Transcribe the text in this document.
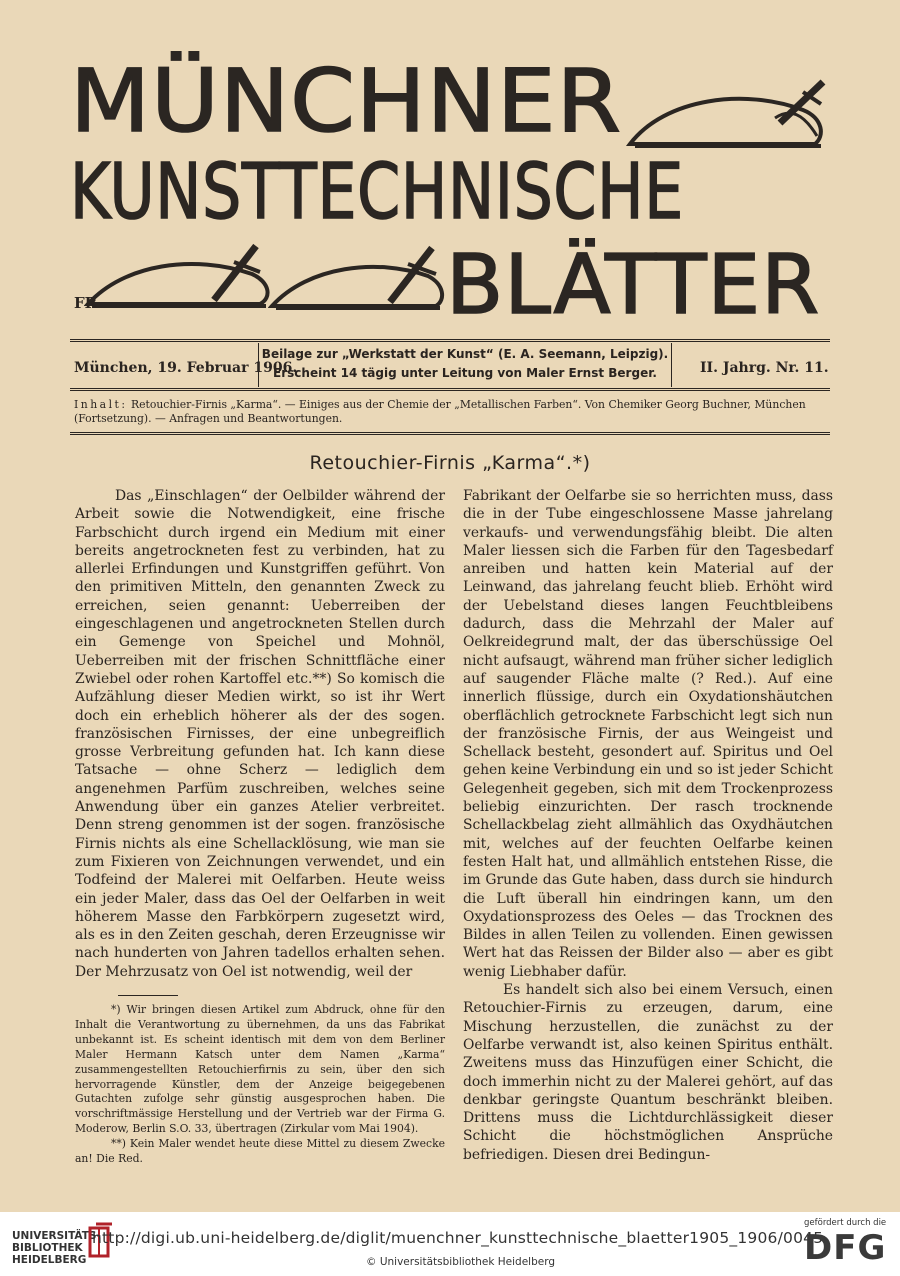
MÜNCHNER
KUNSTTECHNISCHE
BLÄTTER
FR
München, 19. Februar 1906.
Beilage zur „Werkstatt der Kunst“ (E. A. Seemann, Leipzig).
Erscheint 14 tägig unter Leitung von Maler Ernst Berger.	II. Jahrg. Nr. 11.
Inhalt: Retouchier-Firnis „Karma“. — Einiges aus der Chemie der „Metallischen Farben“. Von Chemiker Georg Buchner, München (Fortsetzung). — Anfragen und Beantwortungen.
Retouchier-Firnis „Karma“.*)

Das „Einschlagen“ der Oelbilder während der Arbeit sowie die Notwendigkeit, eine frische Farbschicht durch irgend ein Medium mit einer bereits angetrockneten fest zu verbinden, hat zu allerlei Erfindungen und Kunstgriffen geführt. Von den primitiven Mitteln, den genannten Zweck zu erreichen, seien genannt: Ueberreiben der eingeschlagenen und angetrockneten Stellen durch ein Gemenge von Speichel und Mohnöl, Ueberreiben mit der frischen Schnittfläche einer Zwiebel oder rohen Kartoffel etc.**) So komisch die Aufzählung dieser Medien wirkt, so ist ihr Wert doch ein erheblich höherer als der des sogen. französischen Firnisses, der eine unbegreiflich grosse Verbreitung gefunden hat. Ich kann diese Tatsache — ohne Scherz — lediglich dem angenehmen Parfüm zuschreiben, welches seine Anwendung über ein ganzes Atelier verbreitet. Denn streng genommen ist der sogen. französische Firnis nichts als eine Schellacklösung, wie man sie zum Fixieren von Zeichnungen verwendet, und ein Todfeind der Malerei mit Oelfarben. Heute weiss ein jeder Maler, dass das Oel der Oelfarben in weit höherem Masse den Farbkörpern zugesetzt wird, als es in den Zeiten geschah, deren Erzeugnisse wir nach hunderten von Jahren tadellos erhalten sehen. Der Mehrzusatz von Oel ist notwendig, weil der

*) Wir bringen diesen Artikel zum Abdruck, ohne für den Inhalt die Verantwortung zu übernehmen, da uns das Fabrikat unbekannt ist. Es scheint identisch mit dem von dem Berliner Maler Hermann Katsch unter dem Namen „Karma“ zusammengestellten Retouchierfirnis zu sein, über den sich hervorragende Künstler, dem der Anzeige beigegebenen Gutachten zufolge sehr günstig ausgesprochen haben. Die vorschriftmässige Herstellung und der Vertrieb war der Firma G. Moderow, Berlin S.O. 33, übertragen (Zirkular vom Mai 1904).

**) Kein Maler wendet heute diese Mittel zu diesem Zwecke an! Die Red.

Fabrikant der Oelfarbe sie so herrichten muss, dass die in der Tube eingeschlossene Masse jahrelang verkaufs- und verwendungsfähig bleibt. Die alten Maler liessen sich die Farben für den Tagesbedarf anreiben und hatten kein Material auf der Leinwand, das jahrelang feucht blieb. Erhöht wird der Uebelstand dieses langen Feuchtbleibens dadurch, dass die Mehrzahl der Maler auf Oelkreidegrund malt, der das überschüssige Oel nicht aufsaugt, während man früher sicher lediglich auf saugender Fläche malte (? Red.). Auf eine innerlich flüssige, durch ein Oxydationshäutchen oberflächlich getrocknete Farbschicht legt sich nun der französische Firnis, der aus Weingeist und Schellack besteht, gesondert auf. Spiritus und Oel gehen keine Verbindung ein und so ist jeder Schicht Gelegenheit gegeben, sich mit dem Trockenprozess beliebig einzurichten. Der rasch trocknende Schellackbelag zieht allmählich das Oxydhäutchen mit, welches auf der feuchten Oelfarbe keinen festen Halt hat, und allmählich entstehen Risse, die im Grunde das Gute haben, dass durch sie hindurch die Luft überall hin eindringen kann, um den Oxydationsprozess des Oeles — das Trocknen des Bildes in allen Teilen zu vollenden. Einen gewissen Wert hat das Reissen der Bilder also — aber es gibt wenig Liebhaber dafür.

Es handelt sich also bei einem Versuch, einen Retouchier-Firnis zu erzeugen, darum, eine Mischung herzustellen, die zunächst zu der Oelfarbe verwandt ist, also keinen Spiritus enthält. Zweitens muss das Hinzufügen einer Schicht, die doch immerhin nicht zu der Malerei gehört, auf das denkbar geringste Quantum beschränkt bleiben. Drittens muss die Lichtdurchlässigkeit dieser Schicht die höchstmöglichen Ansprüche befriedigen. Diesen drei Bedingun-

UNIVERSITÄTS-
BIBLIOTHEK
HEIDELBERG
http://digi.ub.uni-heidelberg.de/diglit/muenchner_kunsttechnische_blaetter1905_1906/0045
© Universitätsbibliothek Heidelberg
gefördert durch die
DFG
